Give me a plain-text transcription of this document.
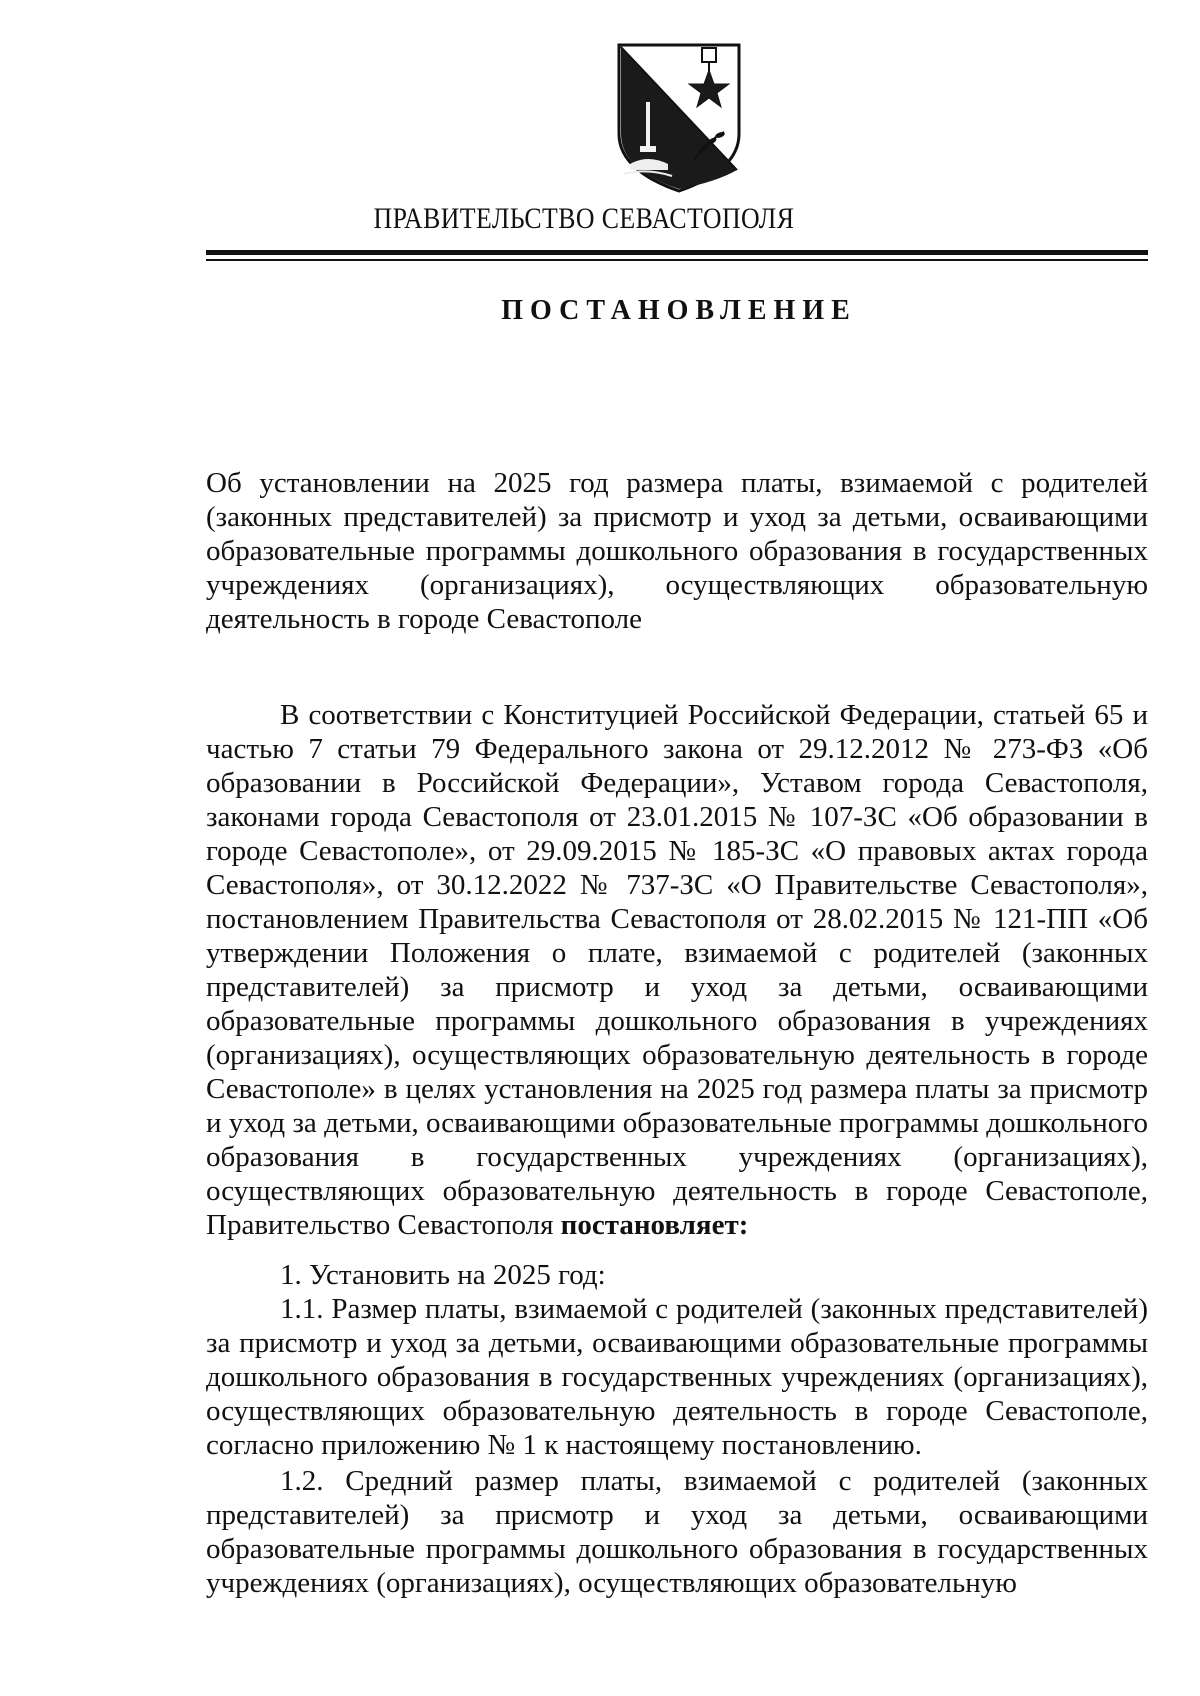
ПРАВИТЕЛЬСТВО СЕВАСТОПОЛЯ
ПОСТАНОВЛЕНИЕ

Об установлении на 2025 год размера платы, взимаемой с родителей (законных представителей) за присмотр и уход за детьми, осваивающими образовательные программы дошкольного образования в государственных учреждениях (организациях), осуществляющих образовательную деятельность в городе Севастополе

В соответствии с Конституцией Российской Федерации, статьей 65 и частью 7 статьи 79 Федерального закона от 29.12.2012 № 273-ФЗ «Об образовании в Российской Федерации», Уставом города Севастополя, законами города Севастополя от 23.01.2015 № 107-ЗС «Об образовании в городе Севастополе», от 29.09.2015 № 185-ЗС «О правовых актах города Севастополя», от 30.12.2022 № 737-ЗС «О Правительстве Севастополя», постановлением Правительства Севастополя от 28.02.2015 № 121-ПП «Об утверждении Положения о плате, взимаемой с родителей (законных представителей) за присмотр и уход за детьми, осваивающими образовательные программы дошкольного образования в учреждениях (организациях), осуществляющих образовательную деятельность в городе Севастополе» в целях установления на 2025 год размера платы за присмотр и уход за детьми, осваивающими образовательные программы дошкольного образования в государственных учреждениях (организациях), осуществляющих образовательную деятельность в городе Севастополе, Правительство Севастополя постановляет:

1. Установить на 2025 год:

1.1. Размер платы, взимаемой с родителей (законных представителей) за присмотр и уход за детьми, осваивающими образовательные программы дошкольного образования в государственных учреждениях (организациях), осуществляющих образовательную деятельность в городе Севастополе, согласно приложению № 1 к настоящему постановлению.

1.2. Средний размер платы, взимаемой с родителей (законных представителей) за присмотр и уход за детьми, осваивающими образовательные программы дошкольного образования в государственных учреждениях (организациях), осуществляющих образовательную
